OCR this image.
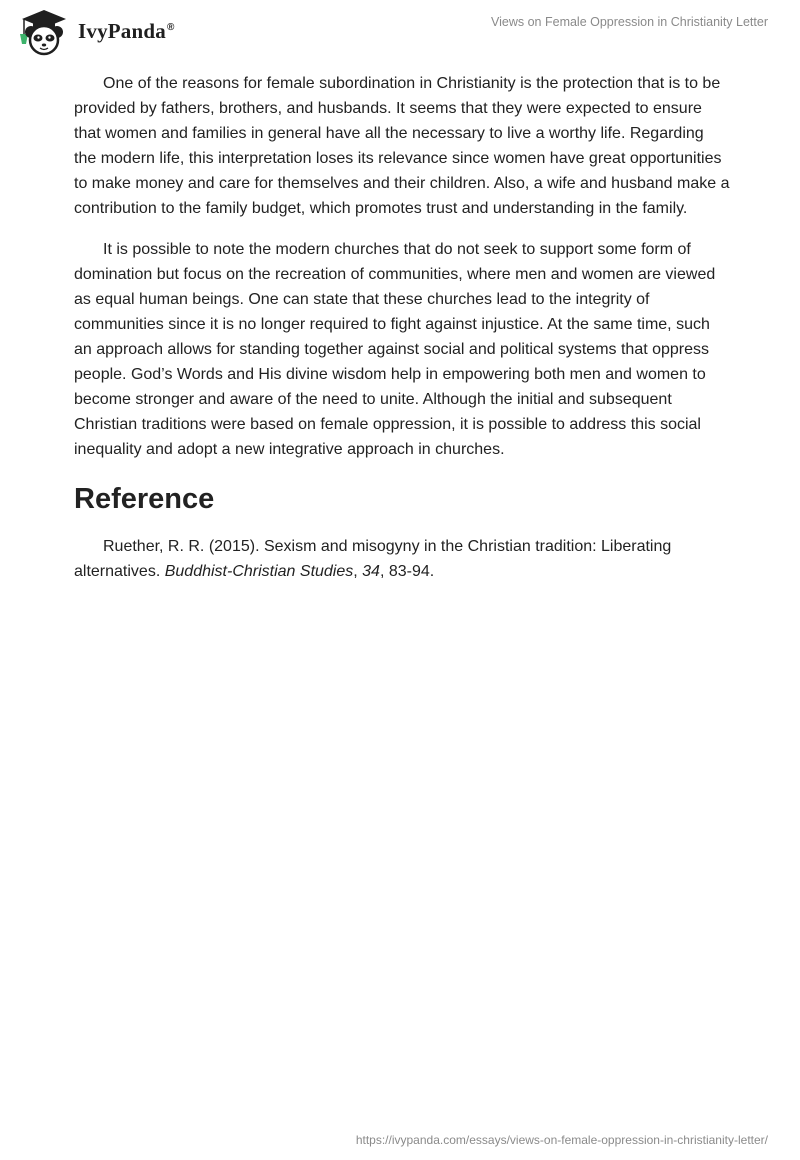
IvyPanda®	Views on Female Oppression in Christianity Letter

One of the reasons for female subordination in Christianity is the protection that is to be provided by fathers, brothers, and husbands. It seems that they were expected to ensure that women and families in general have all the necessary to live a worthy life. Regarding the modern life, this interpretation loses its relevance since women have great opportunities to make money and care for themselves and their children. Also, a wife and husband make a contribution to the family budget, which promotes trust and understanding in the family.

It is possible to note the modern churches that do not seek to support some form of domination but focus on the recreation of communities, where men and women are viewed as equal human beings. One can state that these churches lead to the integrity of communities since it is no longer required to fight against injustice. At the same time, such an approach allows for standing together against social and political systems that oppress people. God’s Words and His divine wisdom help in empowering both men and women to become stronger and aware of the need to unite. Although the initial and subsequent Christian traditions were based on female oppression, it is possible to address this social inequality and adopt a new integrative approach in churches.

Reference

Ruether, R. R. (2015). Sexism and misogyny in the Christian tradition: Liberating alternatives. Buddhist-Christian Studies, 34, 83-94.

https://ivypanda.com/essays/views-on-female-oppression-in-christianity-letter/
